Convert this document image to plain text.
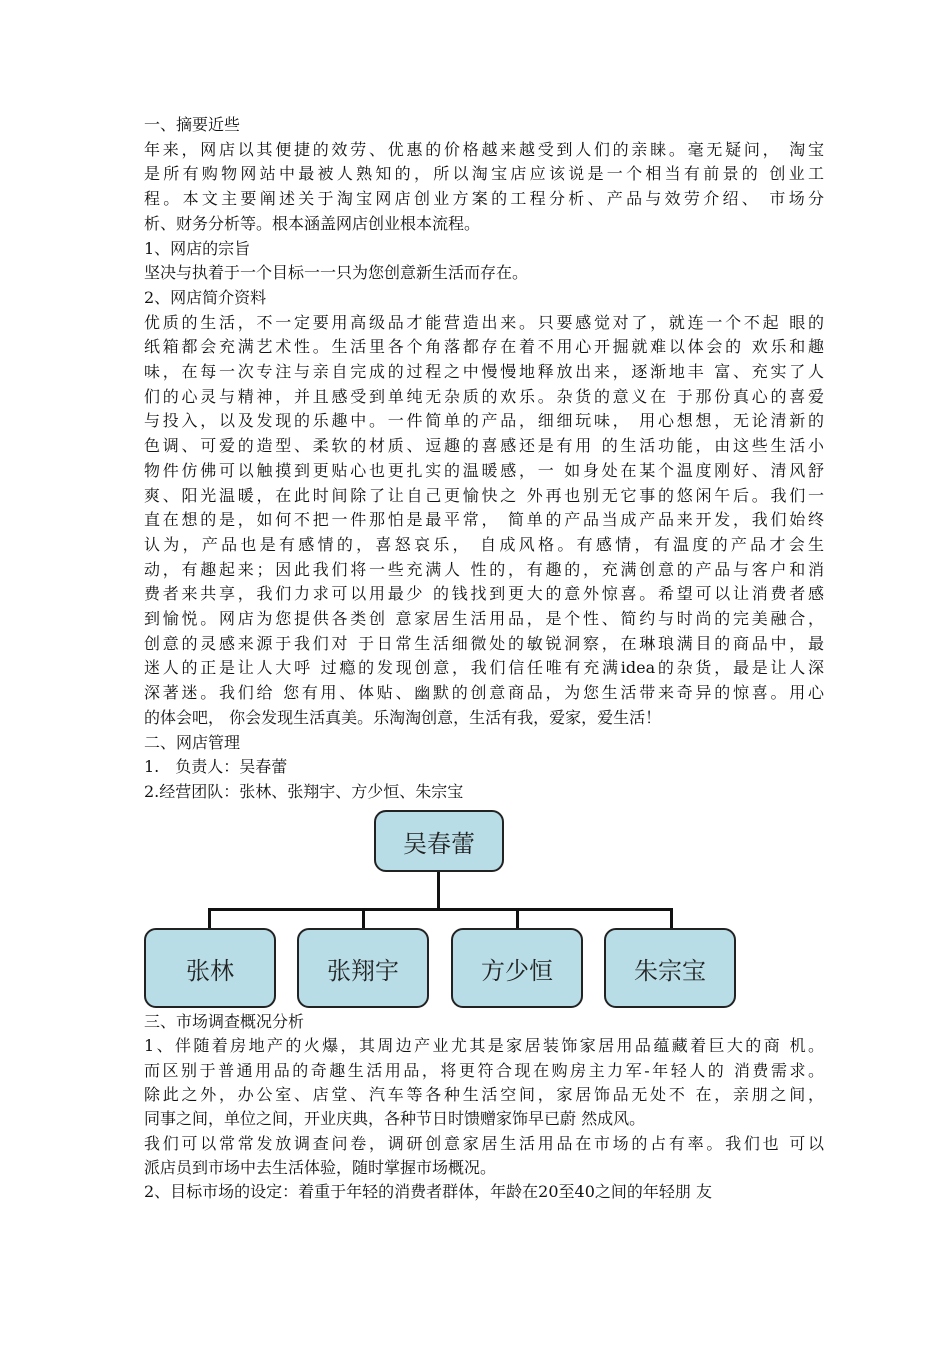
一、摘要近些
年来，网店以其便捷的效劳、优惠的价格越来越受到人们的亲睐。毫无疑问， 淘宝
是所有购物网站中最被人熟知的，所以淘宝店应该说是一个相当有前景的 创业工
程。本文主要阐述关于淘宝网店创业方案的工程分析、产品与效劳介绍、 市场分
析、财务分析等。根本涵盖网店创业根本流程。
1、网店的宗旨
坚决与执着于一个目标一一只为您创意新生活而存在。
2、网店简介资料
优质的生活，不一定要用高级品才能营造出来。只要感觉对了，就连一个不起 眼的
纸箱都会充满艺术性。生活里各个角落都存在着不用心开掘就难以体会的 欢乐和趣
味，在每一次专注与亲自完成的过程之中慢慢地释放出来，逐渐地丰 富、充实了人
们的心灵与精神，并且感受到单纯无杂质的欢乐。杂货的意义在 于那份真心的喜爱
与投入，以及发现的乐趣中。一件简单的产品，细细玩味， 用心想想，无论清新的
色调、可爱的造型、柔软的材质、逗趣的喜感还是有用 的生活功能，由这些生活小
物件仿佛可以触摸到更贴心也更扎实的温暖感，一 如身处在某个温度刚好、清风舒
爽、阳光温暖，在此时间除了让自己更愉快之 外再也别无它事的悠闲午后。我们一
直在想的是，如何不把一件那怕是最平常， 简单的产品当成产品来开发，我们始终
认为，产品也是有感情的，喜怒哀乐， 自成风格。有感情，有温度的产品才会生
动，有趣起来；因此我们将一些充满人 性的，有趣的，充满创意的产品与客户和消
费者来共享，我们力求可以用最少 的钱找到更大的意外惊喜。希望可以让消费者感
到愉悦。网店为您提供各类创 意家居生活用品，是个性、简约与时尚的完美融合，
创意的灵感来源于我们对 于日常生活细微处的敏锐洞察，在琳琅满目的商品中，最
迷人的正是让人大呼 过瘾的发现创意，我们信任唯有充满idea的杂货，最是让人深
深著迷。我们给 您有用、体贴、幽默的创意商品，为您生活带来奇异的惊喜。用心
的体会吧， 你会发现生活真美。乐淘淘创意，生活有我，爱家，爱生活！
二、网店管理
1.　负责人：吴春蕾
2.经营团队：张林、张翔宇、方少恒、朱宗宝
三、市场调查概况分析
1、伴随着房地产的火爆，其周边产业尤其是家居装饰家居用品蕴藏着巨大的商 机。
而区别于普通用品的奇趣生活用品，将更符合现在购房主力军-年轻人的 消费需求。
除此之外，办公室、店堂、汽车等各种生活空间，家居饰品无处不 在，亲朋之间，
同事之间，单位之间，开业庆典，各种节日时馈赠家饰早已蔚 然成风。
我们可以常常发放调查问卷，调研创意家居生活用品在市场的占有率。我们也 可以
派店员到市场中去生活体验，随时掌握市场概况。
2、目标市场的设定：着重于年轻的消费者群体，年龄在20至40之间的年轻朋 友
吴春蕾
张林	张翔宇	方少恒	朱宗宝
